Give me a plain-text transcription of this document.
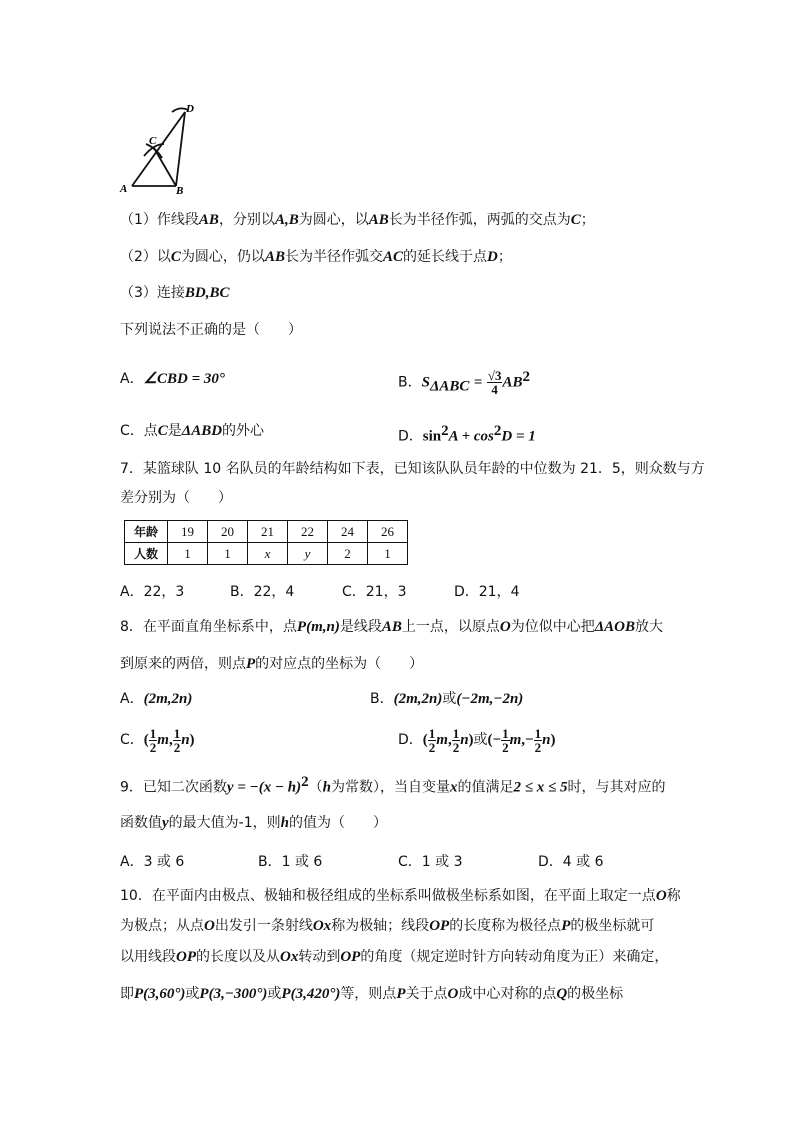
A	B
C
D
（1）作线段AB，分别以A,B为圆心，以AB长为半径作弧，两弧的交点为C；
（2）以C为圆心，仍以AB长为半径作弧交AC的延长线于点D；
（3）连接BD,BC
下列说法不正确的是（　　）
A．∠CBD = 30°	B．$S_{\Delta ABC} = \frac{√3}{4} AB^2$
C．点C是ΔABD的外心	D．$\sin^2A + \cos^2D = 1$
7．某篮球队 10 名队员的年龄结构如下表，已知该队队员年龄的中位数为 21．5，则众数与方
差分别为（　　）
年龄	19	20	21	22	24	26
人数	1	1	x	y	2	1
A．22，3	B．22，4	C．21，3	D．21，4
8．在平面直角坐标系中，点P(m,n)是线段AB上一点，以原点O为位似中心把ΔAOB放大
到原来的两倍，则点P的对应点的坐标为（　　）
A．(2m,2n)	B．(2m,2n)或(−2m,−2n)
C．( $\frac{1}{2} m$, $\frac{1}{2} n$)	D．( $\frac{1}{2} m$, $\frac{1}{2} n$)或(− $\frac{1}{2} m,- \frac{1}{2} n$)
9．已知二次函数$y = -(x - h)^2(h$为常数），当自变量x的值满足2 ≤ x ≤ 5时，与其对应的
函数值y的最大值为-1，则h的值为（　　）
A．3 或 6	B．1 或 6	C．1 或 3	D．4 或 6
10．在平面内由极点、极轴和极径组成的坐标系叫做极坐标系如图，在平面上取定一点O称
为极点；从点O出发引一条射线Ox称为极轴；线段OP的长度称为极径点P的极坐标就可
以用线段OP的长度以及从Ox转动到OP的角度（规定逆时针方向转动角度为正）来确定，
即P(3,60°)或P(3,−300°)或P(3,420°)等，则点P关于点O成中心对称的点Q的极坐标
